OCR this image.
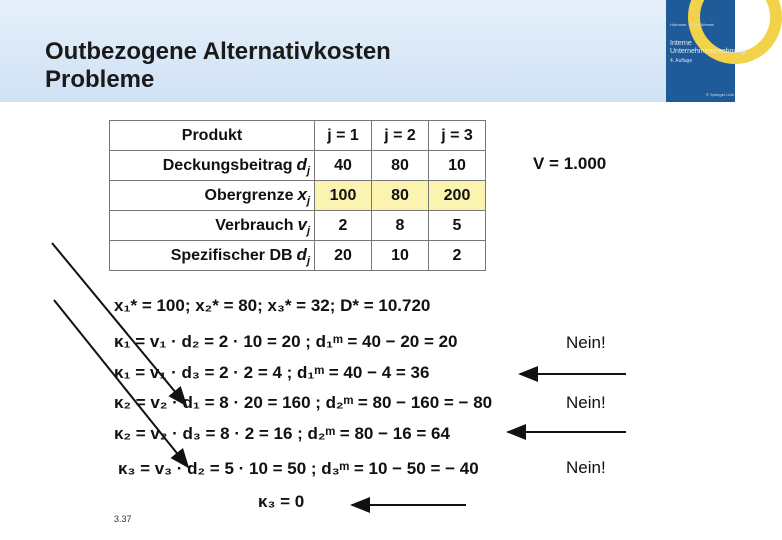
Outbezogene Alternativkosten
Probleme
Hofmann · Klaus Wenzel
Interne Unternehmensrechnung
4. Auflage
© Springer Link
Produkt	j = 1	j = 2	j = 3
Deckungsbeitrag $d_j$	40	80	10
Obergrenze $x_j$	100	80	200
Verbrauch $v_j$	2	8	5
Spezifischer DB $d_j$	20	10	2
V = 1.000
x₁* = 100; x₂* = 80; x₃* = 32; D* = 10.720
κ₁ = v₁ · d₂ = 2 · 10 = 20 ; d₁ᵐ = 40 − 20 = 20
κ₁ = v₁ · d₃ = 2 · 2 = 4 ; d₁ᵐ = 40 − 4 = 36
κ₂ = v₂ · d₁ = 8 · 20 = 160 ; d₂ᵐ = 80 − 160 = − 80
κ₂ = v₂ · d₃ = 8 · 2 = 16 ; d₂ᵐ = 80 − 16 = 64
κ₃ = v₃ · d₂ = 5 · 10 = 50 ; d₃ᵐ = 10 − 50 = − 40
κ₃ = 0
Nein!
Nein!
Nein!
3.37
